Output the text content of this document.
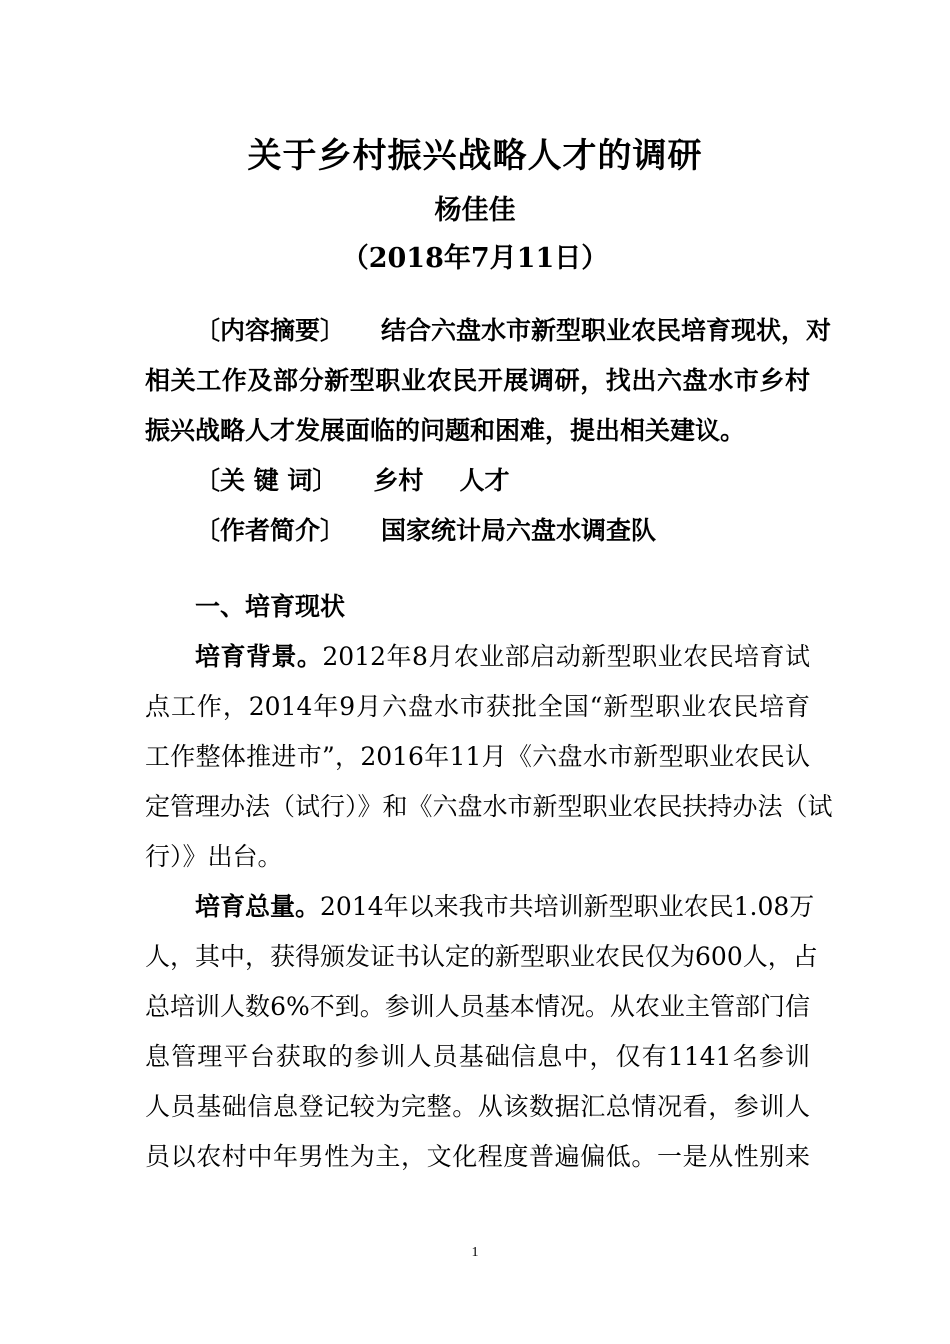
关于乡村振兴战略人才的调研
杨佳佳
（2018年7月11日）
〔内容摘要〕 结合六盘水市新型职业农民培育现状，对
相关工作及部分新型职业农民开展调研，找出六盘水市乡村
振兴战略人才发展面临的问题和困难，提出相关建议。
〔关 键 词〕 乡村 人才
〔作者简介〕 国家统计局六盘水调查队
一、培育现状
培育背景。2012年8月农业部启动新型职业农民培育试
点工作，2014年9月六盘水市获批全国“新型职业农民培育
工作整体推进市”，2016年11月《六盘水市新型职业农民认
定管理办法（试行）》和《六盘水市新型职业农民扶持办法（试
行）》出台。
培育总量。2014年以来我市共培训新型职业农民1.08万
人，其中，获得颁发证书认定的新型职业农民仅为600人，占
总培训人数6%不到。参训人员基本情况。从农业主管部门信
息管理平台获取的参训人员基础信息中，仅有1141名参训
人员基础信息登记较为完整。从该数据汇总情况看，参训人
员以农村中年男性为主，文化程度普遍偏低。一是从性别来
1
